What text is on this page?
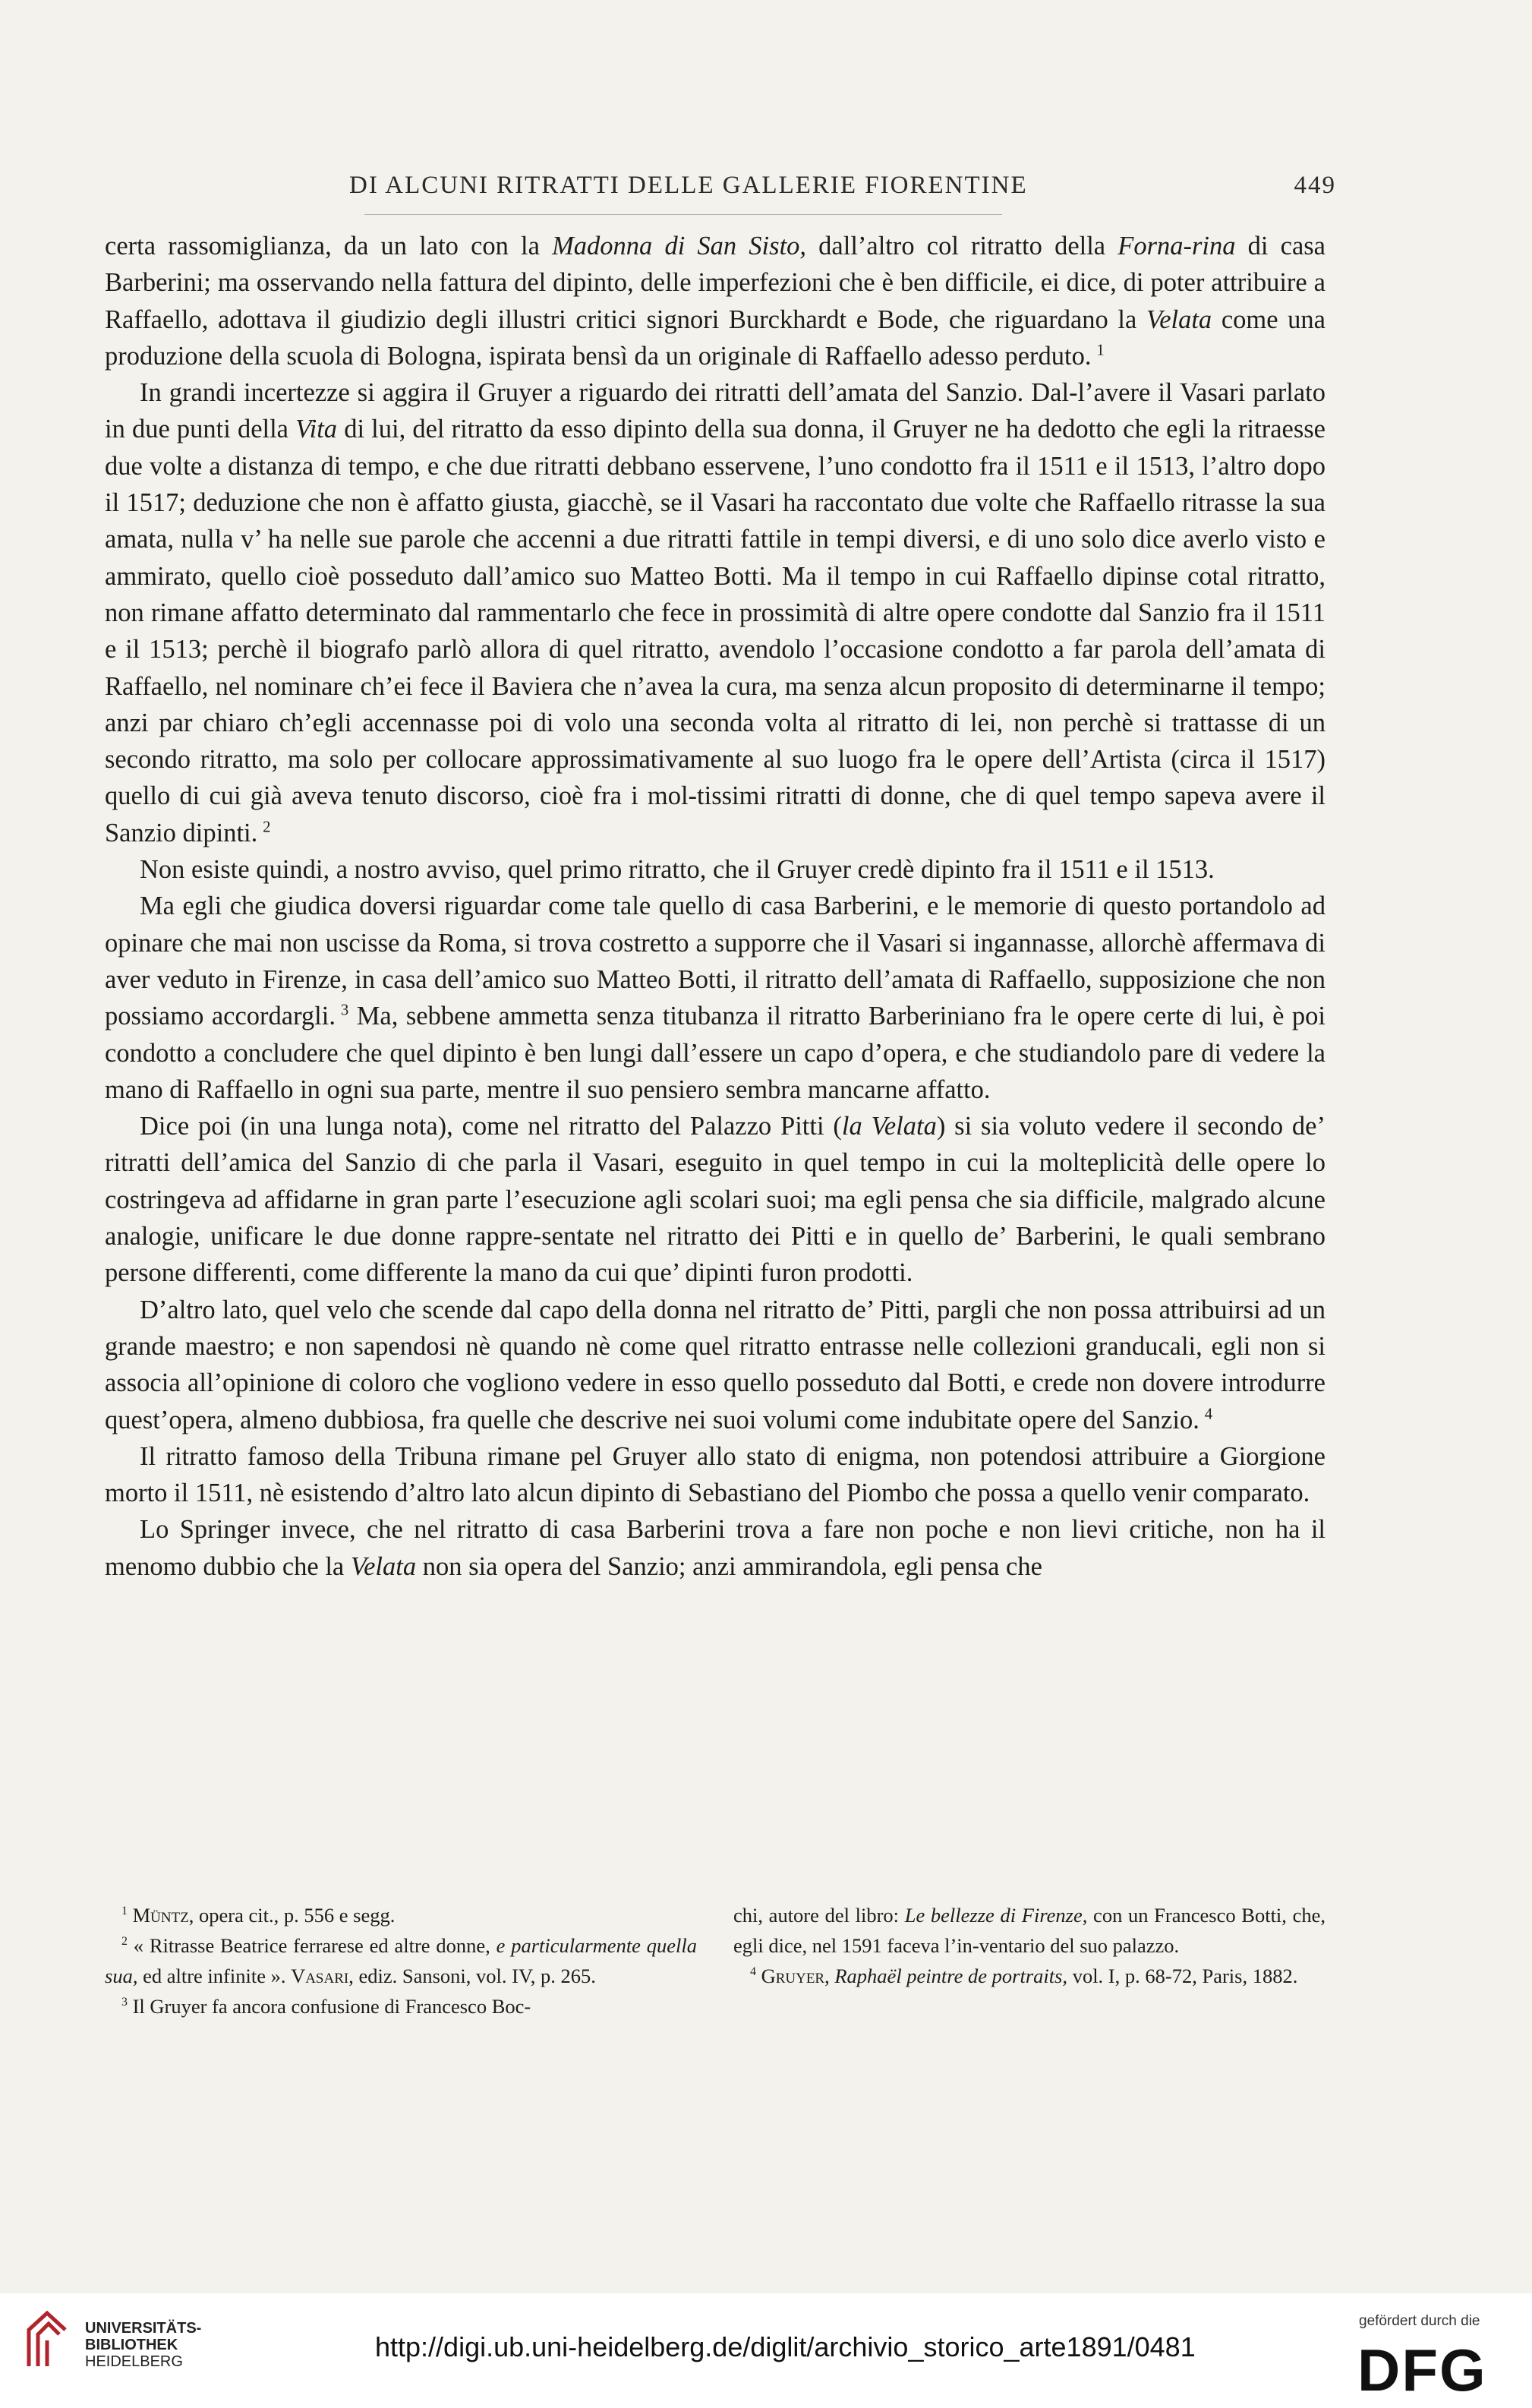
DI ALCUNI RITRATTI DELLE GALLERIE FIORENTINE	449

certa rassomiglianza, da un lato con la Madonna di San Sisto, dall’altro col ritratto della Forna-rina di casa Barberini; ma osservando nella fattura del dipinto, delle imperfezioni che è ben difficile, ei dice, di poter attribuire a Raffaello, adottava il giudizio degli illustri critici signori Burckhardt e Bode, che riguardano la Velata come una produzione della scuola di Bologna, ispirata bensì da un originale di Raffaello adesso perduto.  $^1$

In grandi incertezze si aggira il Gruyer a riguardo dei ritratti dell’amata del Sanzio. Dal-l’avere il Vasari parlato in due punti della Vita di lui, del ritratto da esso dipinto della sua donna, il Gruyer ne ha dedotto che egli la ritraesse due volte a distanza di tempo, e che due ritratti debbano esservene, l’uno condotto fra il 1511 e il 1513, l’altro dopo il 1517; deduzione che non è affatto giusta, giacchè, se il Vasari ha raccontato due volte che Raffaello ritrasse la sua amata, nulla v’ ha nelle sue parole che accenni a due ritratti fattile in tempi diversi, e di uno solo dice averlo visto e ammirato, quello cioè posseduto dall’amico suo Matteo Botti. Ma il tempo in cui Raffaello dipinse cotal ritratto, non rimane affatto determinato dal rammentarlo che fece in prossimità di altre opere condotte dal Sanzio fra il 1511 e il 1513; perchè il biografo parlò allora di quel ritratto, avendolo l’occasione condotto a far parola dell’amata di Raffaello, nel nominare ch’ei fece il Baviera che n’avea la cura, ma senza alcun proposito di determinarne il tempo; anzi par chiaro ch’egli accennasse poi di volo una seconda volta al ritratto di lei, non perchè si trattasse di un secondo ritratto, ma solo per collocare approssimativamente al suo luogo fra le opere dell’Artista (circa il 1517) quello di cui già aveva tenuto discorso, cioè fra i mol-tissimi ritratti di donne, che di quel tempo sapeva avere il Sanzio dipinti.  $^2$

Non esiste quindi, a nostro avviso, quel primo ritratto, che il Gruyer credè dipinto fra il 1511 e il 1513.

Ma egli che giudica doversi riguardar come tale quello di casa Barberini, e le memorie di questo portandolo ad opinare che mai non uscisse da Roma, si trova costretto a supporre che il Vasari si ingannasse, allorchè affermava di aver veduto in Firenze, in casa dell’amico suo Matteo Botti, il ritratto dell’amata di Raffaello, supposizione che non possiamo accordargli.  $^3$ Ma, sebbene ammetta senza titubanza il ritratto Barberiniano fra le opere certe di lui, è poi condotto a concludere che quel dipinto è ben lungi dall’essere un capo d’opera, e che studiandolo pare di vedere la mano di Raffaello in ogni sua parte, mentre il suo pensiero sembra mancarne affatto.

Dice poi (in una lunga nota), come nel ritratto del Palazzo Pitti (la Velata) si sia voluto vedere il secondo de’ ritratti dell’amica del Sanzio di che parla il Vasari, eseguito in quel tempo in cui la molteplicità delle opere lo costringeva ad affidarne in gran parte l’esecuzione agli scolari suoi; ma egli pensa che sia difficile, malgrado alcune analogie, unificare le due donne rappre-sentate nel ritratto dei Pitti e in quello de’ Barberini, le quali sembrano persone differenti, come differente la mano da cui que’ dipinti furon prodotti.

D’altro lato, quel velo che scende dal capo della donna nel ritratto de’ Pitti, pargli che non possa attribuirsi ad un grande maestro; e non sapendosi nè quando nè come quel ritratto entrasse nelle collezioni granducali, egli non si associa all’opinione di coloro che vogliono vedere in esso quello posseduto dal Botti, e crede non dovere introdurre quest’opera, almeno dubbiosa, fra quelle che descrive nei suoi volumi come indubitate opere del Sanzio.  $^4$

Il ritratto famoso della Tribuna rimane pel Gruyer allo stato di enigma, non potendosi attribuire a Giorgione morto il 1511, nè esistendo d’altro lato alcun dipinto di Sebastiano del Piombo che possa a quello venir comparato.

Lo Springer invece, che nel ritratto di casa Barberini trova a fare non poche e non lievi critiche, non ha il menomo dubbio che la Velata non sia opera del Sanzio; anzi ammirandola, egli pensa che

$^1$ Müntz, opera cit., p. 556 e segg.

$^2$ « Ritrasse Beatrice ferrarese ed altre donne, e particularmente quella sua, ed altre infinite ». Vasari, ediz. Sansoni, vol. IV, p. 265.

$^3$ Il Gruyer fa ancora confusione di Francesco Boc-

chi, autore del libro: Le bellezze di Firenze, con un Francesco Botti, che, egli dice, nel 1591 faceva l’in-ventario del suo palazzo.

$^4$ Gruyer, Raphaël peintre de portraits, vol. I, p. 68-72, Paris, 1882.

UNIVERSITÄTS-
BIBLIOTHEK
HEIDELBERG	http://digi.ub.uni-heidelberg.de/diglit/archivio_storico_arte1891/0481
gefördert durch die
DFG
